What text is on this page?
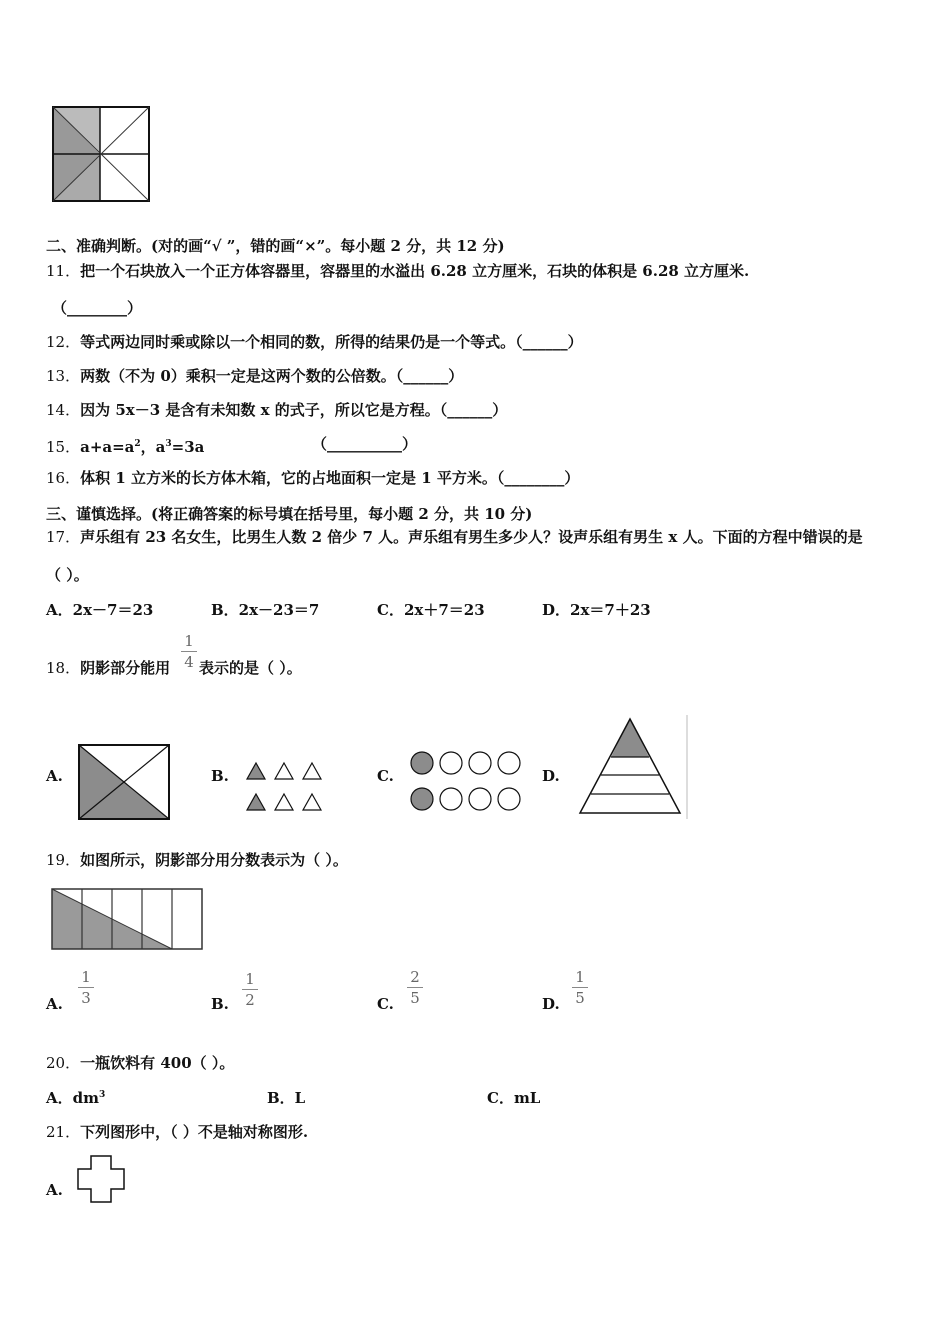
二、准确判断。(对的画“√ ”，错的画“×”。每小题 2 分，共 12 分)
11．把一个石块放入一个正方体容器里，容器里的水溢出 6.28 立方厘米，石块的体积是 6.28 立方厘米.
（________）
12．等式两边同时乘或除以一个相同的数，所得的结果仍是一个等式。（______）
13．两数（不为 0）乘积一定是这两个数的公倍数。（______）
14．因为 5x－3 是含有未知数 x 的式子，所以它是方程。（______）
15．$a+a=a^2$，$a^3=3a$	（__________）
16．体积 1 立方米的长方体木箱，它的占地面积一定是 1 平方米。（________）
三、谨慎选择。(将正确答案的标号填在括号里，每小题 2 分，共 10 分)
17．声乐组有 23 名女生，比男生人数 2 倍少 7 人。声乐组有男生多少人？设声乐组有男生 x 人。下面的方程中错误的是
（ ）。
A．2x－7＝23	B．2x－23＝7	C．2x＋7＝23	D．2x＝7＋23
18．阴影部分能用
1
4 表示的是（ ）。
A.	B.	C.	D.
19．如图所示，阴影部分用分数表示为（ ）。
A.
1
3	B.
1
2	C.
2
5	D.
1
5
20．一瓶饮料有 400（ ）。
A．$dm^3$	B．L	C．mL
21．下列图形中，（ ）不是轴对称图形.
A.
